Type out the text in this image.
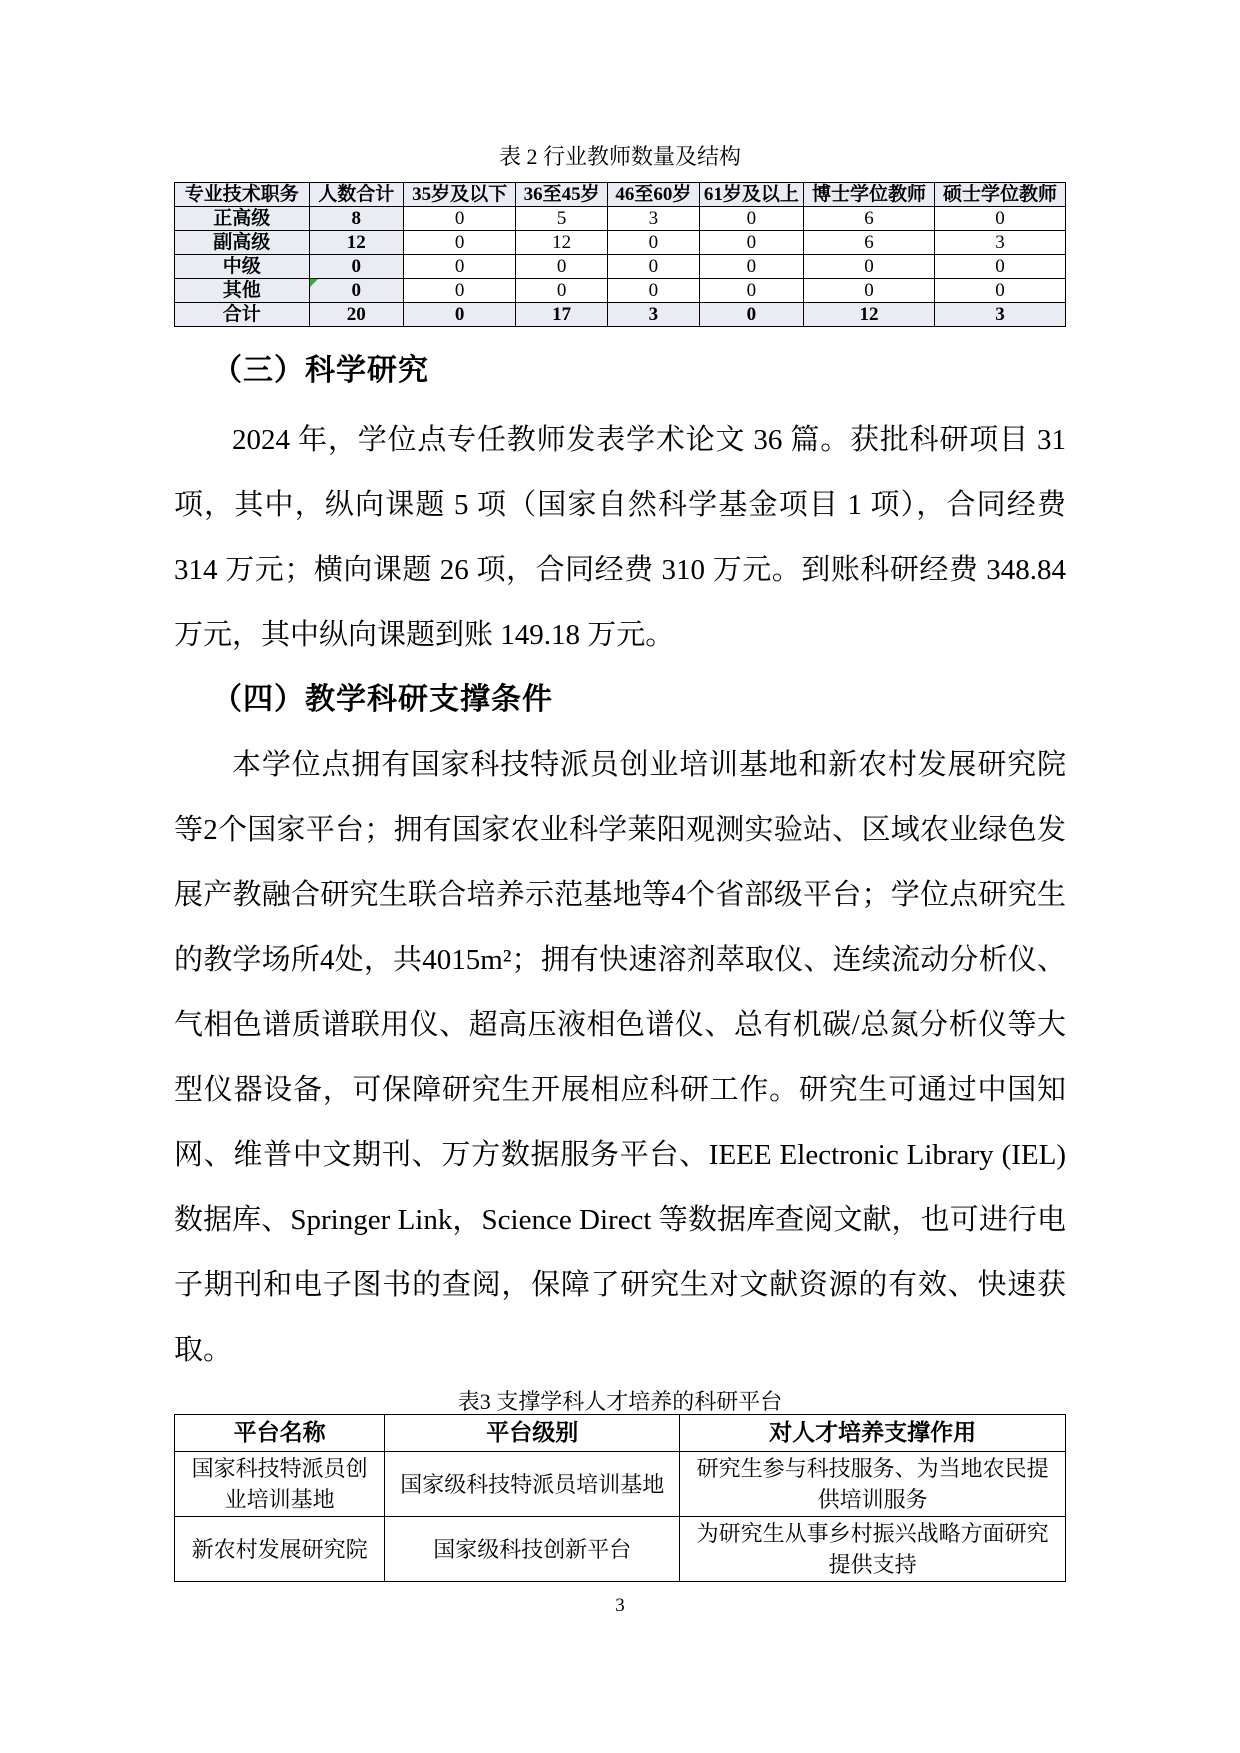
表 2 行业教师数量及结构
专业技术职务	人数合计	35岁及以下	36至45岁	46至60岁	61岁及以上	博士学位教师	硕士学位教师
正高级	8	0	5	3	0	6	0
副高级	12	0	12	0	0	6	3
中级	0	0	0	0	0	0	0
其他	0	0	0	0	0	0	0
合计	20	0	17	3	0	12	3
（三）科学研究

2024 年，学位点专任教师发表学术论文 36 篇。获批科研项目 31 项，其中，纵向课题 5 项（国家自然科学基金项目 1 项），合同经费 314 万元；横向课题 26 项，合同经费 310 万元。到账科研经费 348.84 万元，其中纵向课题到账 149.18 万元。

（四）教学科研支撑条件

本学位点拥有国家科技特派员创业培训基地和新农村发展研究院等2个国家平台；拥有国家农业科学莱阳观测实验站、区域农业绿色发展产教融合研究生联合培养示范基地等4个省部级平台；学位点研究生的教学场所4处，共4015m²；拥有快速溶剂萃取仪、连续流动分析仪、气相色谱质谱联用仪、超高压液相色谱仪、总有机碳/总氮分析仪等大型仪器设备，可保障研究生开展相应科研工作。研究生可通过中国知网、维普中文期刊、万方数据服务平台、IEEE Electronic Library (IEL) 数据库、Springer Link，Science Direct 等数据库查阅文献，也可进行电子期刊和电子图书的查阅，保障了研究生对文献资源的有效、快速获取。

表3 支撑学科人才培养的科研平台
平台名称	平台级别	对人才培养支撑作用
国家科技特派员创业培训基地	国家级科技特派员培训基地	研究生参与科技服务、为当地农民提供培训服务
新农村发展研究院	国家级科技创新平台	为研究生从事乡村振兴战略方面研究提供支持
3
